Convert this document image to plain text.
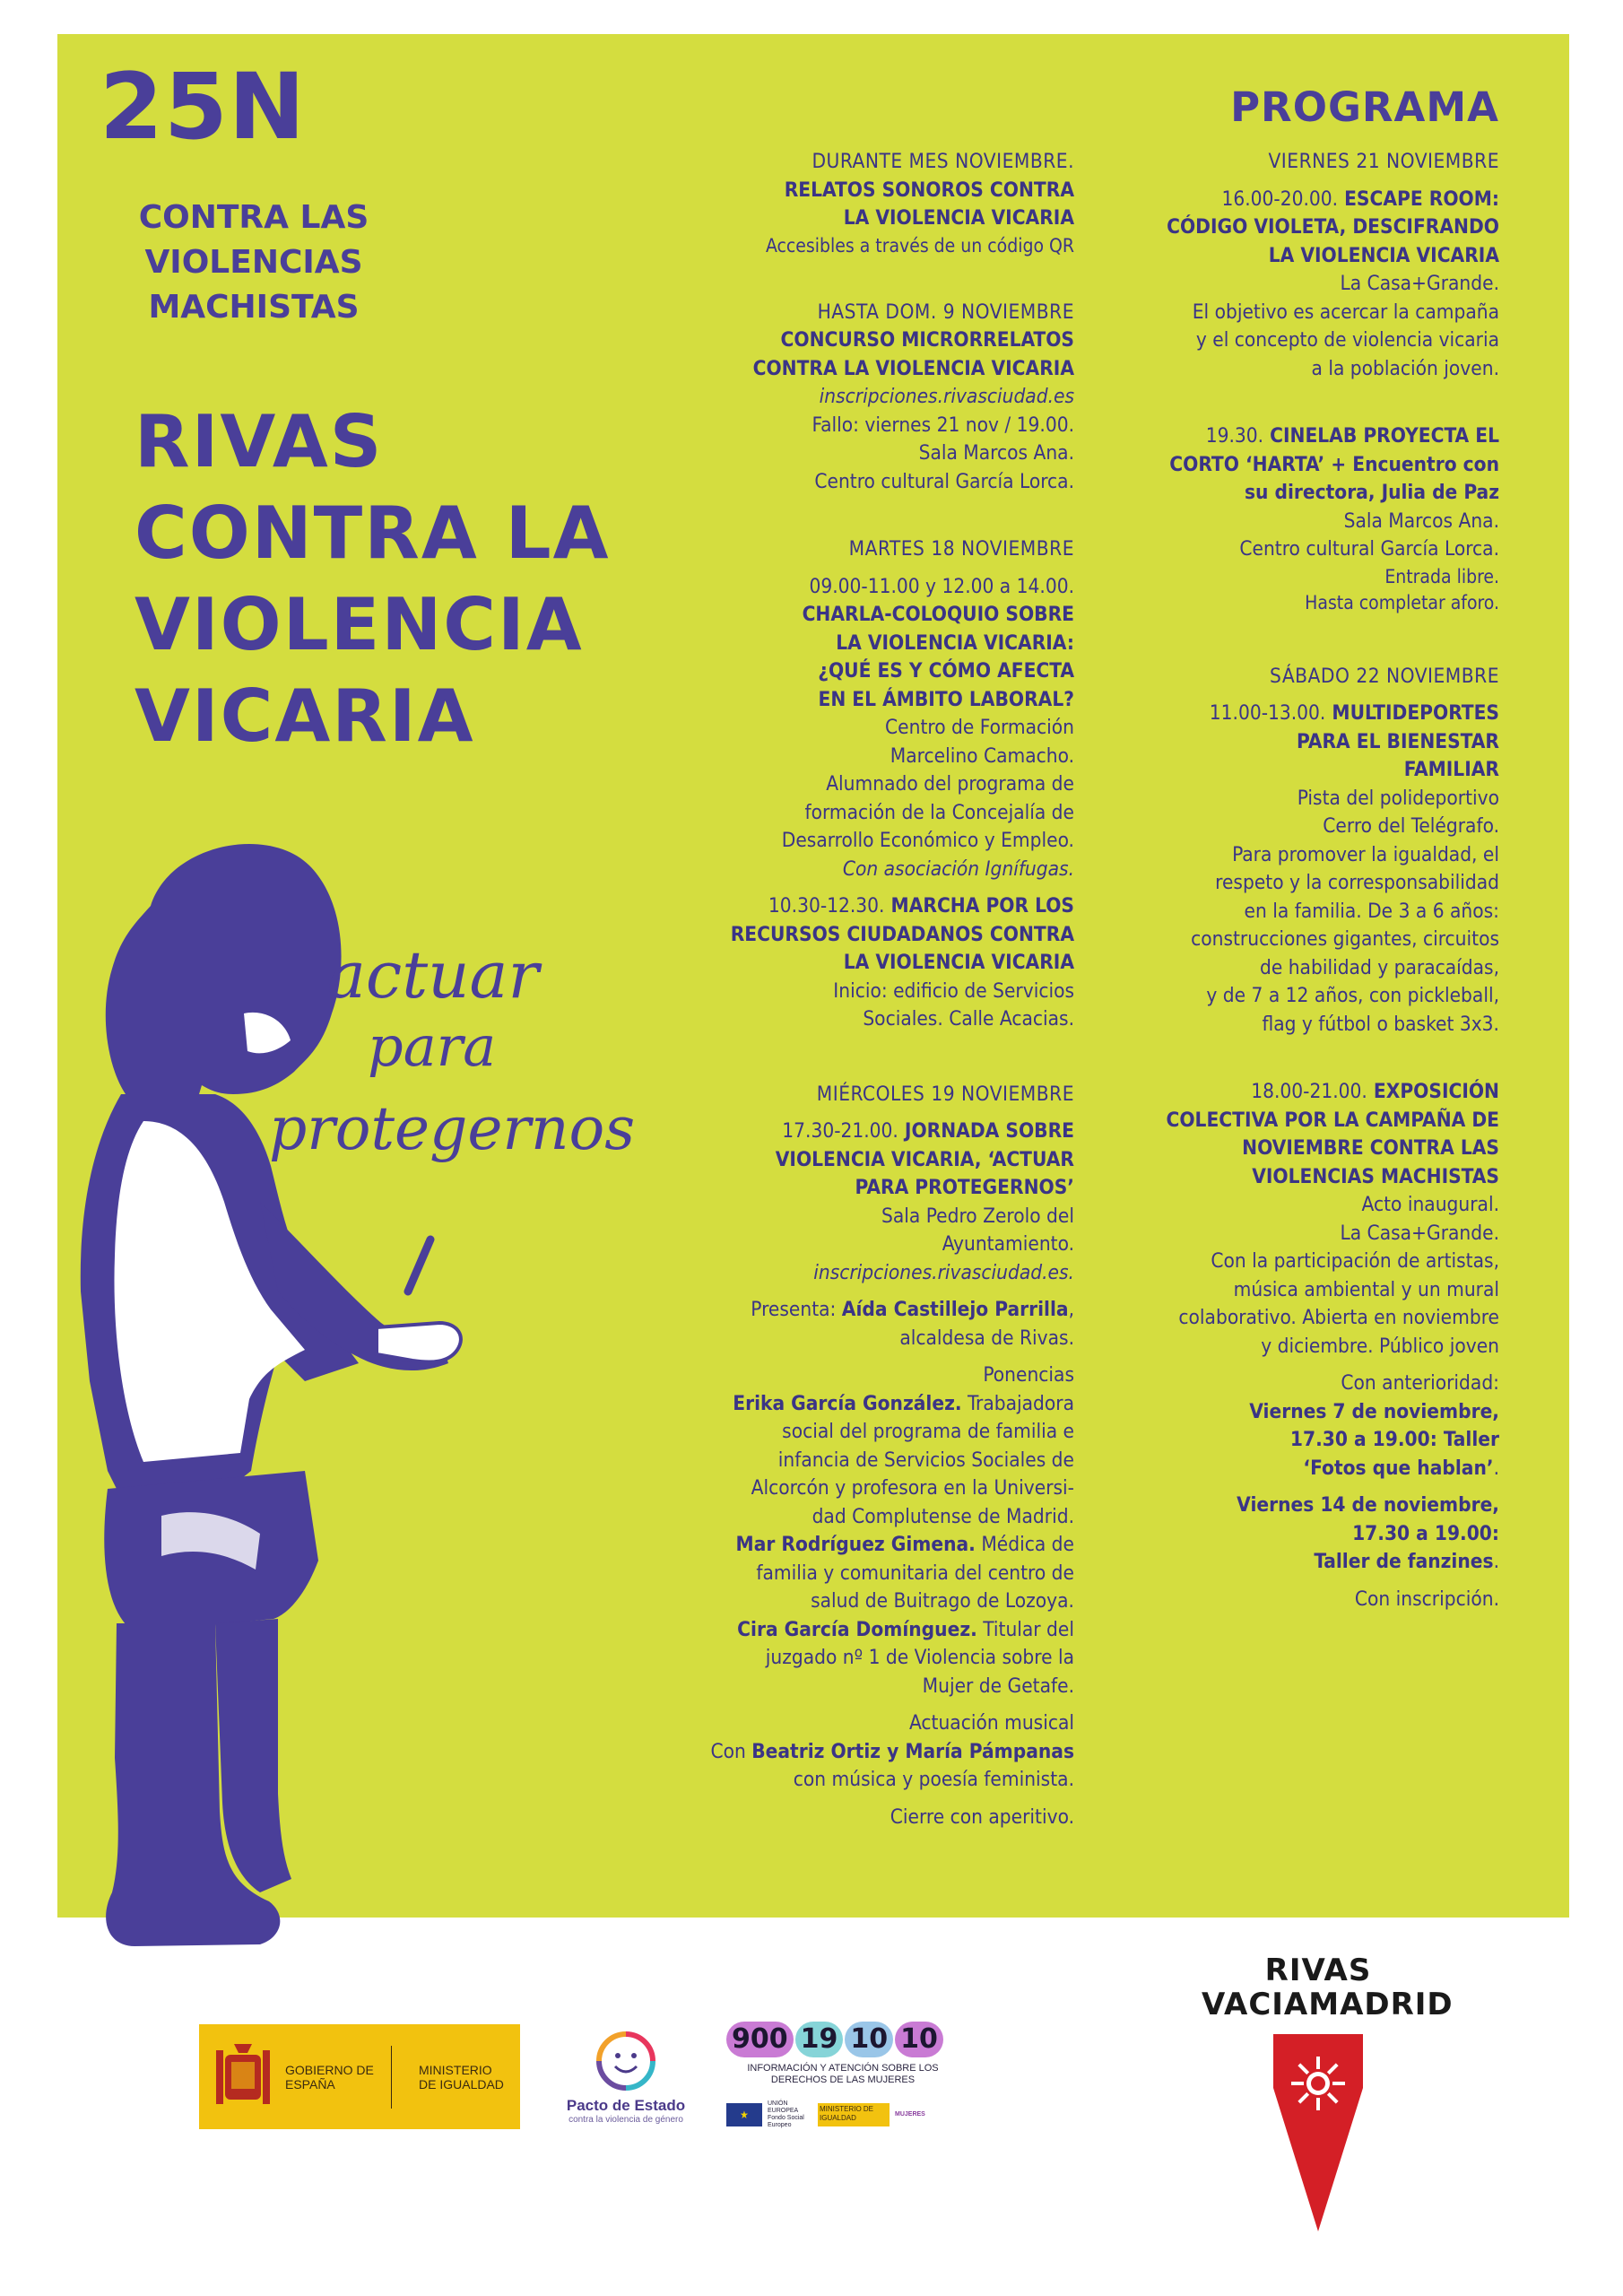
25N
CONTRA LAS
VIOLENCIAS
MACHISTAS
RIVAS
CONTRA LA
VIOLENCIA
VICARIA
actuar
para
protegernos
DURANTE MES NOVIEMBRE.
RELATOS SONOROS CONTRA
LA VIOLENCIA VICARIA
Accesibles a través de un código QR
HASTA DOM. 9 NOVIEMBRE
CONCURSO MICRORRELATOS
CONTRA LA VIOLENCIA VICARIA
inscripciones.rivasciudad.es
Fallo: viernes 21 nov / 19.00.
Sala Marcos Ana.
Centro cultural García Lorca.
MARTES 18 NOVIEMBRE
09.00-11.00 y 12.00 a 14.00.
CHARLA-COLOQUIO SOBRE
LA VIOLENCIA VICARIA:
¿QUÉ ES Y CÓMO AFECTA
EN EL ÁMBITO LABORAL?
Centro de Formación
Marcelino Camacho.
Alumnado del programa de
formación de la Concejalía de
Desarrollo Económico y Empleo.
Con asociación Ignífugas.
10.30-12.30. MARCHA POR LOS
RECURSOS CIUDADANOS CONTRA
LA VIOLENCIA VICARIA
Inicio: edificio de Servicios
Sociales. Calle Acacias.
MIÉRCOLES 19 NOVIEMBRE
17.30-21.00. JORNADA SOBRE
VIOLENCIA VICARIA, ‘ACTUAR
PARA PROTEGERNOS’
Sala Pedro Zerolo del
Ayuntamiento.
inscripciones.rivasciudad.es.
Presenta: Aída Castillejo Parrilla,
alcaldesa de Rivas.
Ponencias
Erika García González. Trabajadora
social del programa de familia e
infancia de Servicios Sociales de
Alcorcón y profesora en la Universi-
dad Complutense de Madrid.
Mar Rodríguez Gimena. Médica de
familia y comunitaria del centro de
salud de Buitrago de Lozoya.
Cira García Domínguez. Titular del
juzgado nº 1 de Violencia sobre la
Mujer de Getafe.
Actuación musical
Con Beatriz Ortiz y María Pámpanas
con música y poesía feminista.
Cierre con aperitivo.
PROGRAMA
VIERNES 21 NOVIEMBRE
16.00-20.00. ESCAPE ROOM:
CÓDIGO VIOLETA, DESCIFRANDO
LA VIOLENCIA VICARIA
La Casa+Grande.
El objetivo es acercar la campaña
y el concepto de violencia vicaria
a la población joven.
19.30. CINELAB PROYECTA EL
CORTO ‘HARTA’ + Encuentro con
su directora, Julia de Paz
Sala Marcos Ana.
Centro cultural García Lorca.
Entrada libre.
Hasta completar aforo.
SÁBADO 22 NOVIEMBRE
11.00-13.00. MULTIDEPORTES
PARA EL BIENESTAR
FAMILIAR
Pista del polideportivo
Cerro del Telégrafo.
Para promover la igualdad, el
respeto y la corresponsabilidad
en la familia. De 3 a 6 años:
construcciones gigantes, circuitos
de habilidad y paracaídas,
y de 7 a 12 años, con pickleball,
flag y fútbol o basket 3x3.
18.00-21.00. EXPOSICIÓN
COLECTIVA POR LA CAMPAÑA DE
NOVIEMBRE CONTRA LAS
VIOLENCIAS MACHISTAS
Acto inaugural.
La Casa+Grande.
Con la participación de artistas,
música ambiental y un mural
colaborativo. Abierta en noviembre
y diciembre. Público joven
Con anterioridad:
Viernes 7 de noviembre,
17.30 a 19.00: Taller
‘Fotos que hablan’.
Viernes 14 de noviembre,
17.30 a 19.00:
Taller de fanzines.
Con inscripción.
GOBIERNO DE ESPAÑA
MINISTERIO DE IGUALDAD
Pacto de Estado
contra la violencia de género
900 19 10 10
INFORMACIÓN Y ATENCIÓN SOBRE LOS DERECHOS DE LAS MUJERES
★
UNIÓN EUROPEA Fondo Social Europeo
MINISTERIO DE IGUALDAD	MUJERES
RIVAS
VACIAMADRID
